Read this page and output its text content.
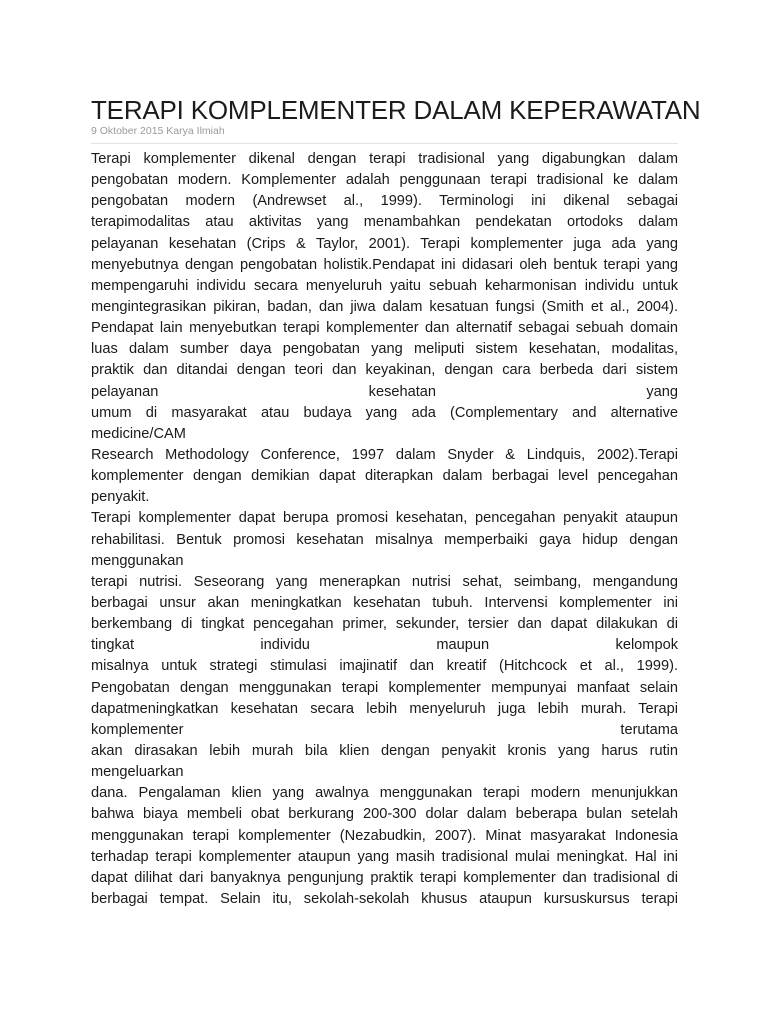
TERAPI KOMPLEMENTER DALAM KEPERAWATAN
9 Oktober 2015 Karya Ilmiah
Terapi komplementer dikenal dengan terapi tradisional yang digabungkan dalam
pengobatan modern. Komplementer adalah penggunaan terapi tradisional ke dalam
pengobatan modern (Andrewset al., 1999). Terminologi ini dikenal sebagai
terapimodalitas atau aktivitas yang menambahkan pendekatan ortodoks dalam
pelayanan kesehatan (Crips & Taylor, 2001). Terapi komplementer juga ada yang
menyebutnya dengan pengobatan holistik.Pendapat ini didasari oleh bentuk terapi yang
mempengaruhi individu secara menyeluruh yaitu sebuah keharmonisan individu untuk
mengintegrasikan pikiran, badan, dan jiwa dalam kesatuan fungsi (Smith et al., 2004).
Pendapat lain menyebutkan terapi komplementer dan alternatif sebagai sebuah domain
luas dalam sumber daya pengobatan yang meliputi sistem kesehatan, modalitas,
praktik dan ditandai dengan teori dan keyakinan, dengan cara berbeda dari sistem
pelayanan kesehatan yang
umum di masyarakat atau budaya yang ada (Complementary and alternative
medicine/CAM
Research Methodology Conference, 1997 dalam Snyder & Lindquis, 2002).Terapi
komplementer dengan demikian dapat diterapkan dalam berbagai level pencegahan
penyakit.
Terapi komplementer dapat berupa promosi kesehatan, pencegahan penyakit ataupun
rehabilitasi. Bentuk promosi kesehatan misalnya memperbaiki gaya hidup dengan
menggunakan
terapi nutrisi. Seseorang yang menerapkan nutrisi sehat, seimbang, mengandung
berbagai unsur akan meningkatkan kesehatan tubuh. Intervensi komplementer ini
berkembang di tingkat pencegahan primer, sekunder, tersier dan dapat dilakukan di
tingkat individu maupun kelompok
misalnya untuk strategi stimulasi imajinatif dan kreatif (Hitchcock et al., 1999).
Pengobatan dengan menggunakan terapi komplementer mempunyai manfaat selain
dapatmeningkatkan kesehatan secara lebih menyeluruh juga lebih murah. Terapi
komplementer terutama
akan dirasakan lebih murah bila klien dengan penyakit kronis yang harus rutin
mengeluarkan
dana. Pengalaman klien yang awalnya menggunakan terapi modern menunjukkan
bahwa biaya membeli obat berkurang 200-300 dolar dalam beberapa bulan setelah
menggunakan terapi komplementer (Nezabudkin, 2007). Minat masyarakat Indonesia
terhadap terapi komplementer ataupun yang masih tradisional mulai meningkat. Hal ini
dapat dilihat dari banyaknya pengunjung praktik terapi komplementer dan tradisional di
berbagai tempat. Selain itu, sekolah-sekolah khusus ataupun kursuskursus terapi
